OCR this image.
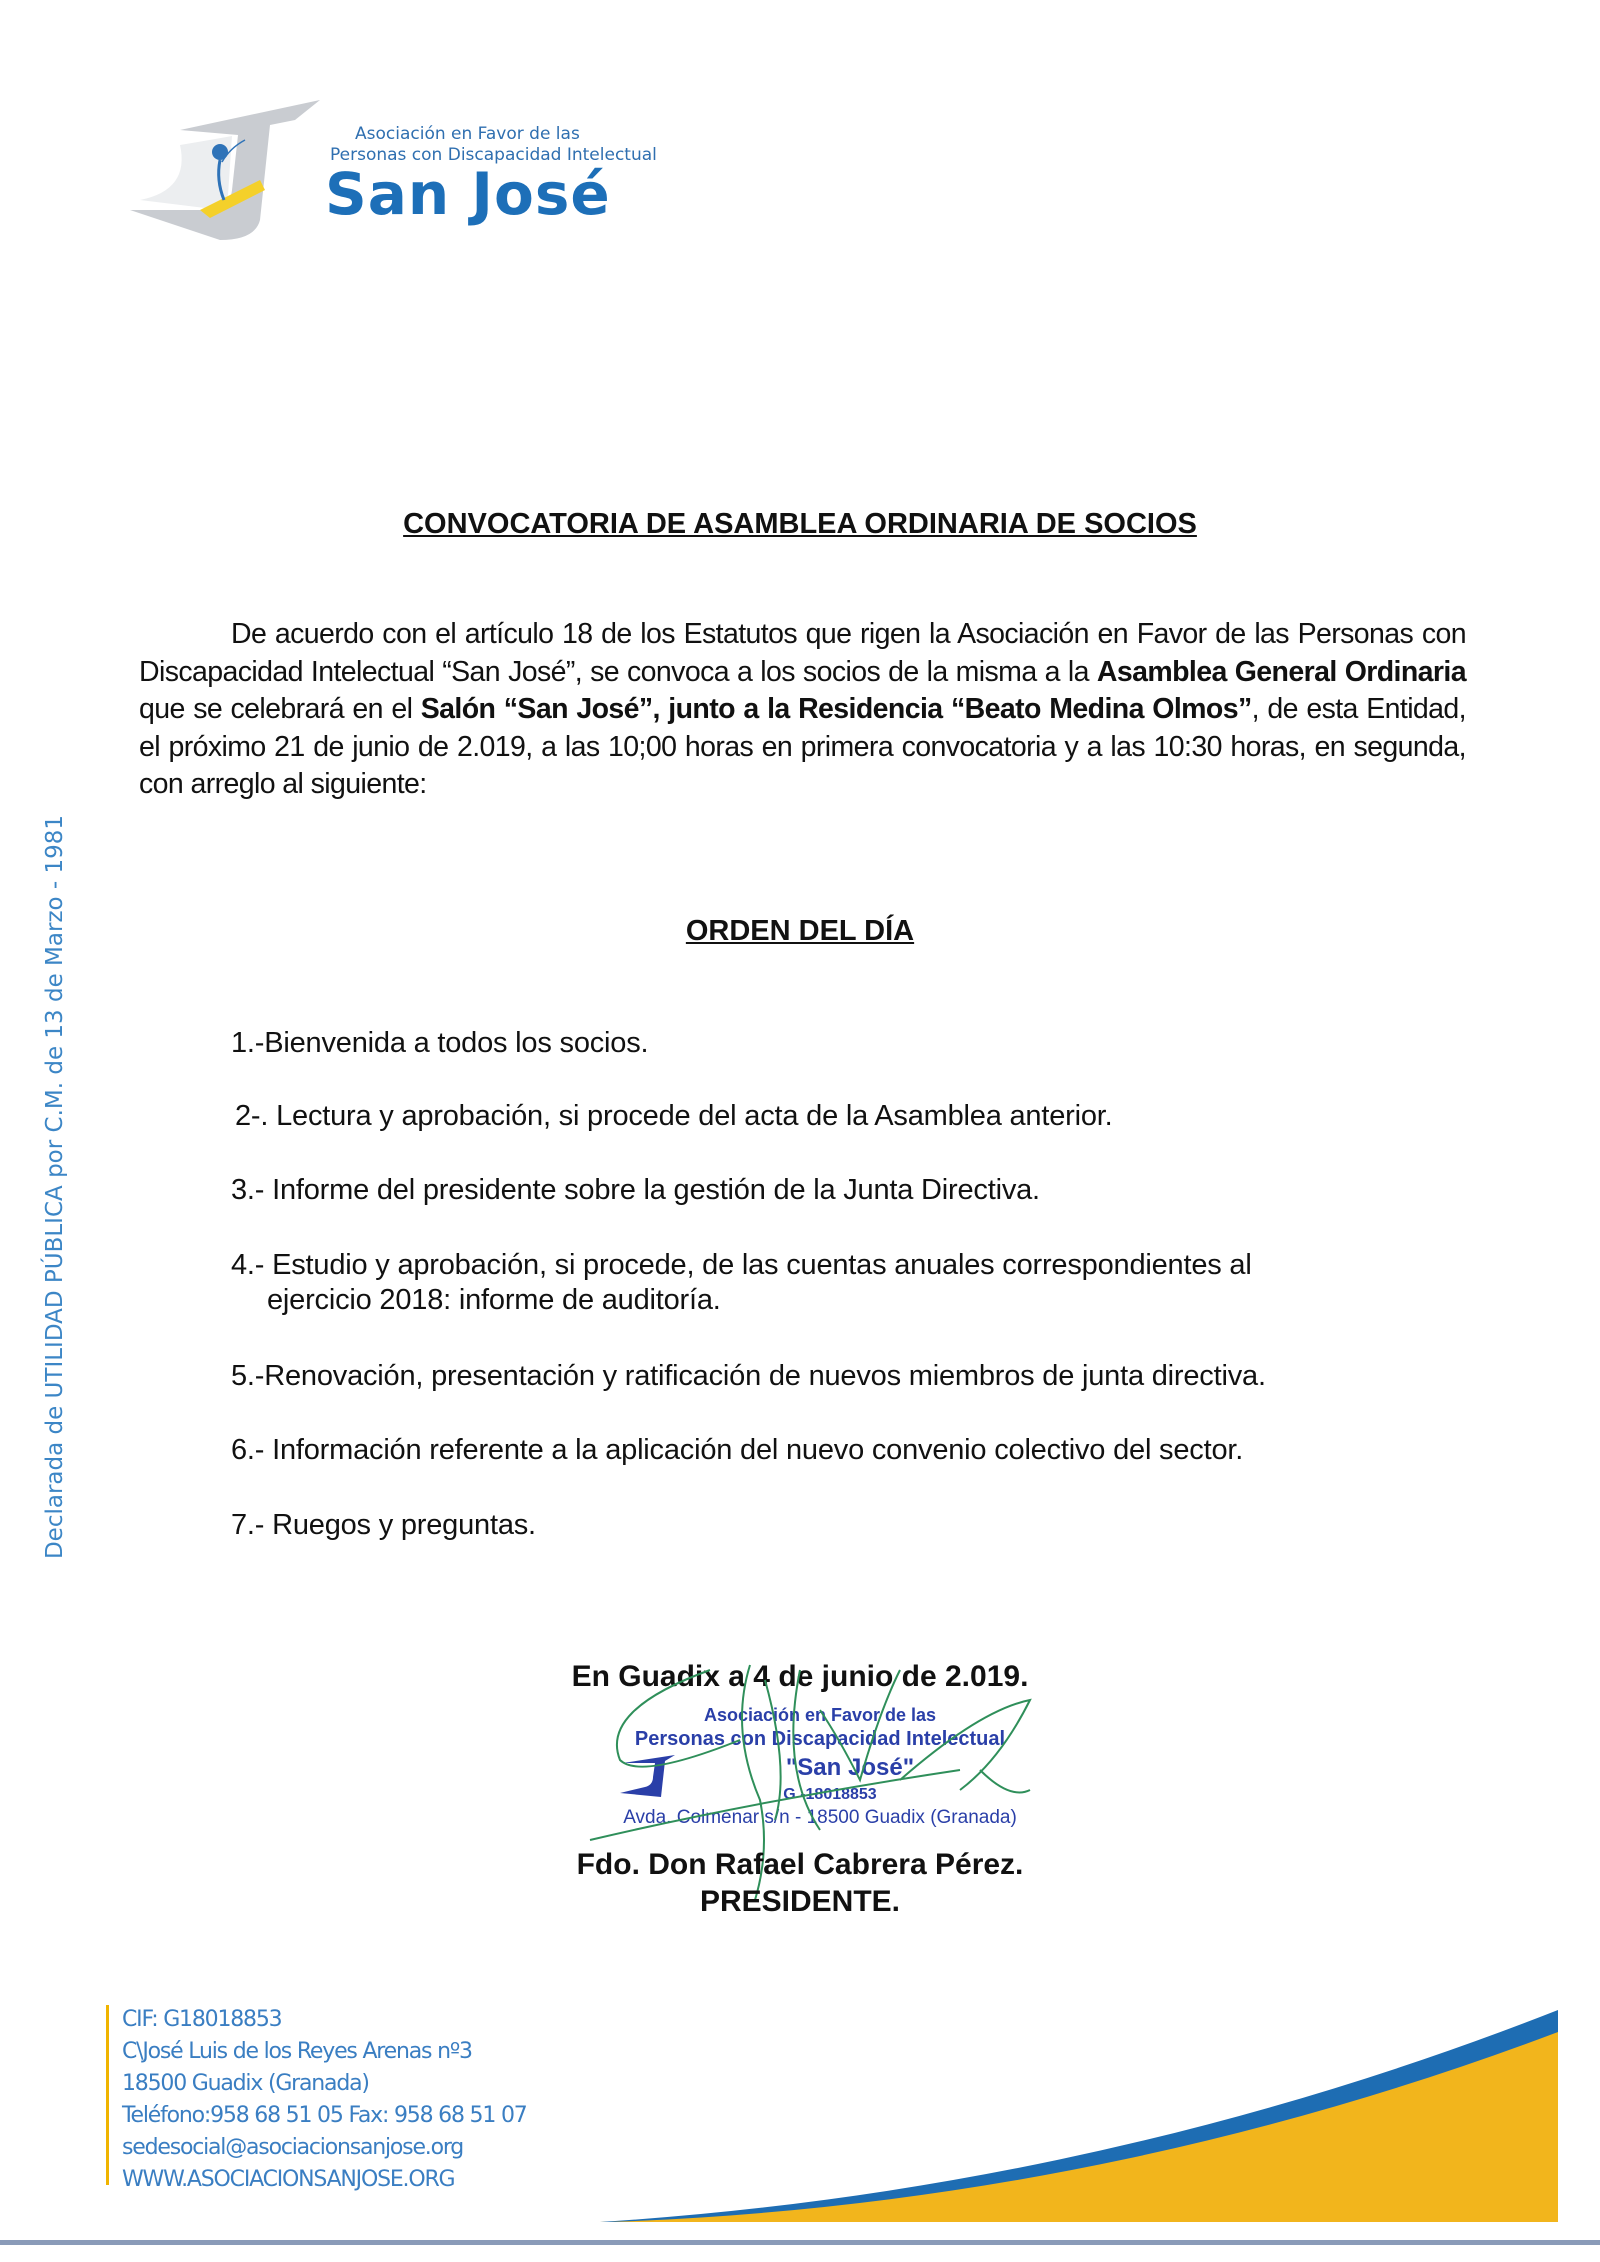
Asociación en Favor de las
Personas con Discapacidad Intelectual
San José
Declarada de UTILIDAD PÚBLICA por C.M. de 13 de Marzo - 1981
CONVOCATORIA DE ASAMBLEA ORDINARIA DE SOCIOS
De acuerdo con el artículo 18 de los Estatutos que rigen la Asociación en Favor de las Personas con Discapacidad Intelectual “San José”, se convoca a los socios de la misma a la Asamblea General Ordinaria que se celebrará en el Salón “San José”, junto a la Residencia “Beato Medina Olmos”, de esta Entidad, el próximo 21 de junio de 2.019, a las 10;00 horas en primera convocatoria y a las 10:30 horas, en segunda, con arreglo al siguiente:
ORDEN DEL DÍA
1.-Bienvenida a todos los socios.
2-. Lectura y aprobación, si procede del acta de la Asamblea anterior.
3.- Informe del presidente sobre la gestión de la Junta Directiva.
4.- Estudio y aprobación, si procede, de las cuentas anuales correspondientes al
ejercicio 2018: informe de auditoría.
5.-Renovación, presentación y ratificación de nuevos miembros de junta directiva.
6.- Información referente a la aplicación del nuevo convenio colectivo del sector.
7.- Ruegos y preguntas.
En Guadix a 4 de junio de 2.019.
Asociación en Favor de las
Personas con Discapacidad Intelectual
"San José"
G -18018853
Avda. Colmenar s/n - 18500 Guadix (Granada)
Fdo. Don Rafael Cabrera Pérez.
PRESIDENTE.
CIF: G18018853
C\José Luis de los Reyes Arenas nº3
18500 Guadix (Granada)
Teléfono:958 68 51 05 Fax: 958 68 51 07
sedesocial@asociacionsanjose.org
WWW.ASOCIACIONSANJOSE.ORG
